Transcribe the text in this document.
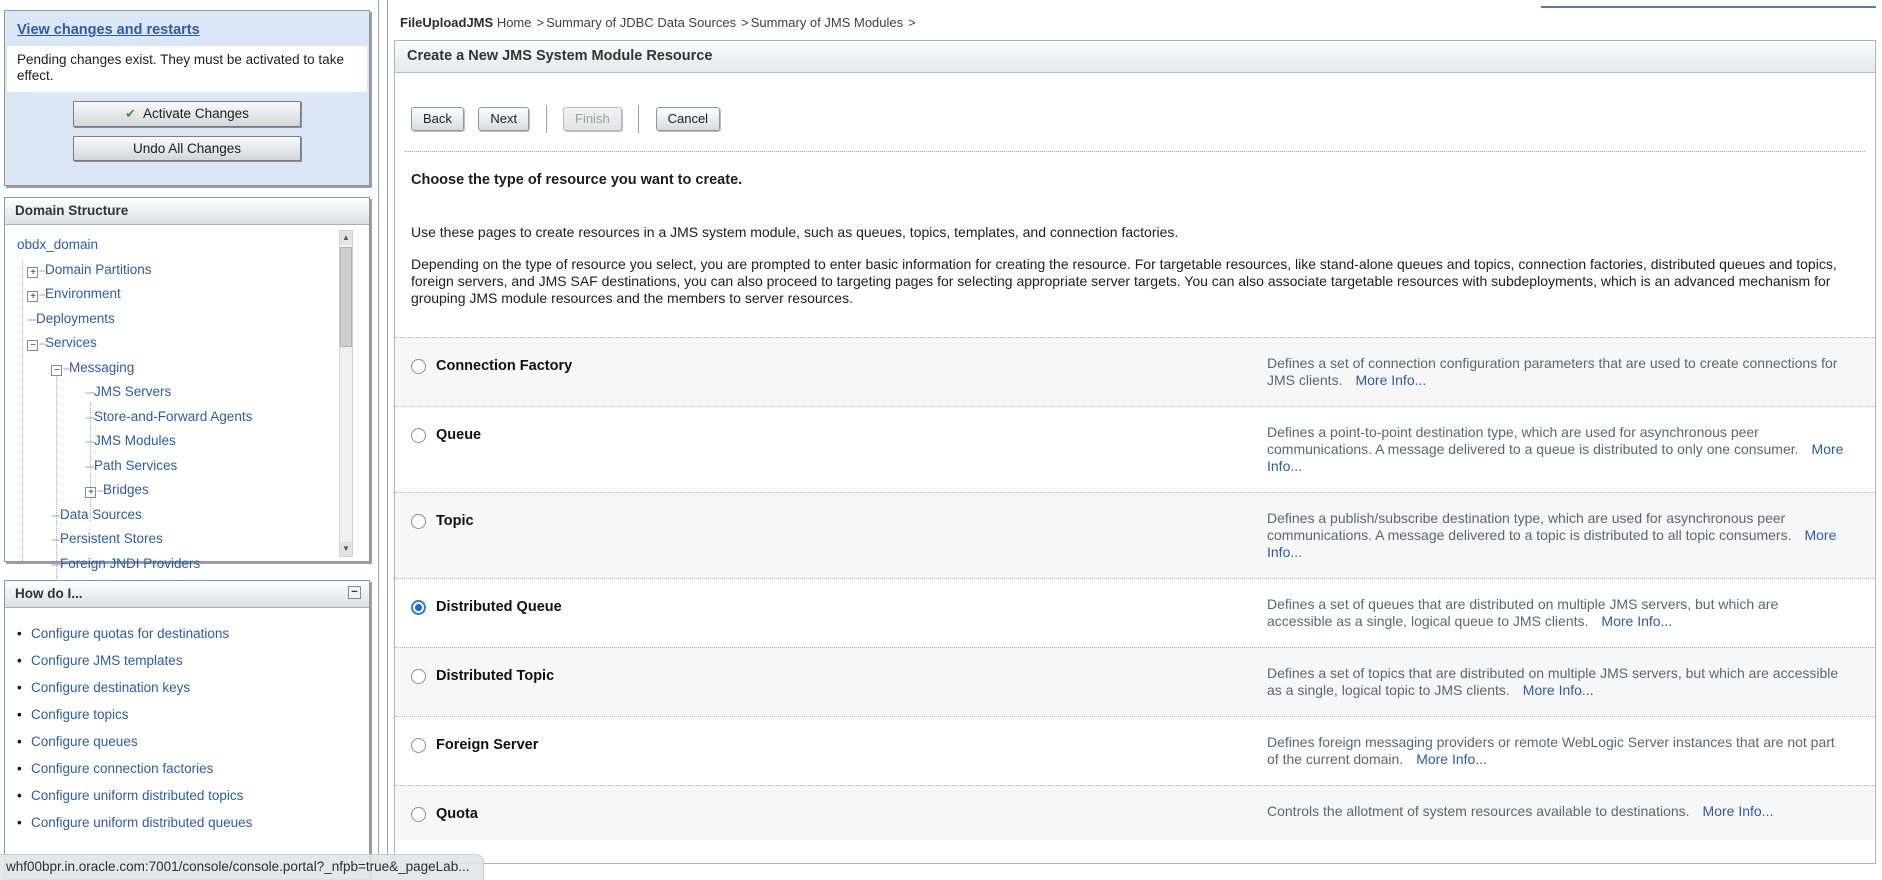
View changes and restarts
Pending changes exist. They must be activated to take effect.
✔ Activate Changes
Undo All Changes
Domain Structure
obdx_domain
+ --Domain Partitions
+ --Environment
---Deployments
− --Services
− --Messaging
---JMS Servers
---Store-and-Forward Agents
---JMS Modules
---Path Services
+ --Bridges
---Data Sources
---Persistent Stores
---Foreign JNDI Providers
▲
▼
How do I...	−
• Configure quotas for destinations
• Configure JMS templates
• Configure destination keys
• Configure topics
• Configure queues
• Configure connection factories
• Configure uniform distributed topics
• Configure uniform distributed queues
FileUploadJMS Home > Summary of JDBC Data Sources > Summary of JMS Modules >
Create a New JMS System Module Resource
Back	Next	Finish	Cancel
Choose the type of resource you want to create.
Use these pages to create resources in a JMS system module, such as queues, topics, templates, and connection factories.
Depending on the type of resource you select, you are prompted to enter basic information for creating the resource. For targetable resources, like stand-alone queues and topics, connection factories, distributed queues and topics, foreign servers, and JMS SAF destinations, you can also proceed to targeting pages for selecting appropriate server targets. You can also associate targetable resources with subdeployments, which is an advanced mechanism for grouping JMS module resources and the members to server resources.
Connection Factory	Defines a set of connection configuration parameters that are used to create connections for JMS clients. More Info...
Queue	Defines a point-to-point destination type, which are used for asynchronous peer communications. A message delivered to a queue is distributed to only one consumer. More Info...
Topic	Defines a publish/subscribe destination type, which are used for asynchronous peer communications. A message delivered to a topic is distributed to all topic consumers. More Info...
Distributed Queue	Defines a set of queues that are distributed on multiple JMS servers, but which are accessible as a single, logical queue to JMS clients. More Info...
Distributed Topic	Defines a set of topics that are distributed on multiple JMS servers, but which are accessible as a single, logical topic to JMS clients. More Info...
Foreign Server	Defines foreign messaging providers or remote WebLogic Server instances that are not part of the current domain. More Info...
Quota	Controls the allotment of system resources available to destinations. More Info...
whf00bpr.in.oracle.com:7001/console/console.portal?_nfpb=true&_pageLab...
